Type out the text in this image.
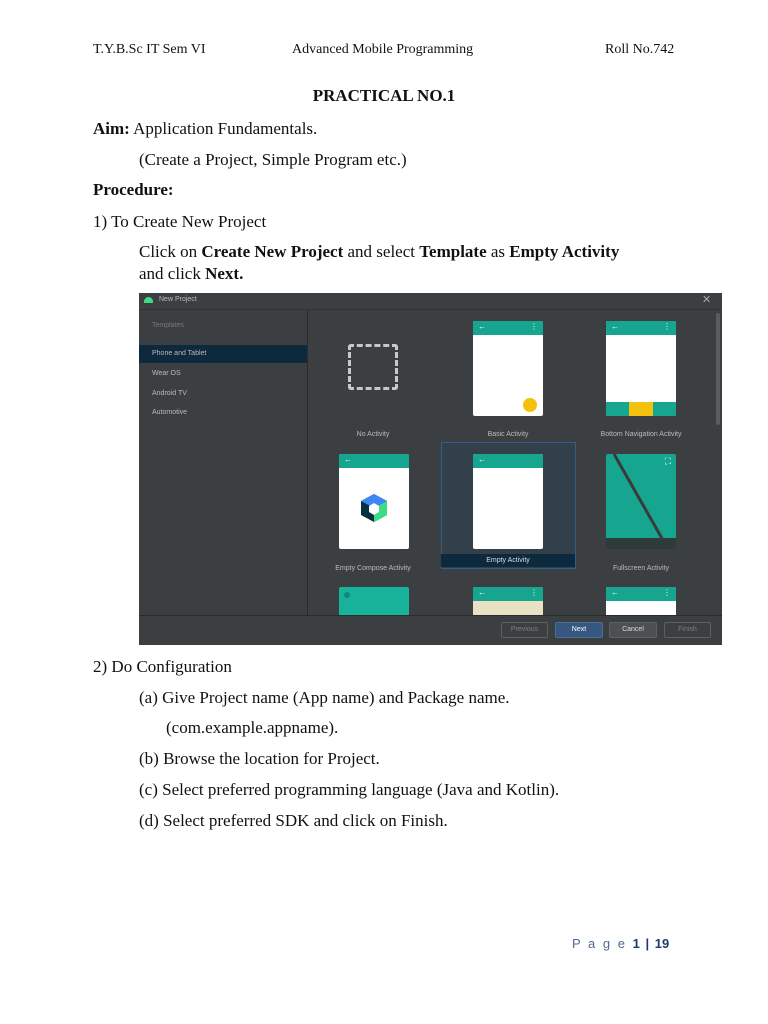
T.Y.B.Sc IT Sem VI	Advanced Mobile Programming	Roll No.742
PRACTICAL NO.1
Aim: Application Fundamentals.
(Create a Project, Simple Program etc.)
Procedure:
1) To Create New Project
Click on Create New Project and select Template as Empty Activity
and click Next.
New Project	✕
Templates
Phone and Tablet
Wear OS
Android TV
Automotive
No Activity
←	⋮
Basic Activity
←	⋮
Bottom Navigation Activity
←
Empty Compose Activity
←
Empty Activity
⛶
Fullscreen Activity
←	⋮	←	⋮
Previous	Next	Cancel	Finish
2) Do Configuration
(a) Give Project name (App name) and Package name.
(com.example.appname).
(b) Browse the location for Project.
(c) Select preferred programming language (Java and Kotlin).
(d) Select preferred SDK and click on Finish.
P a g e 1 | 19
